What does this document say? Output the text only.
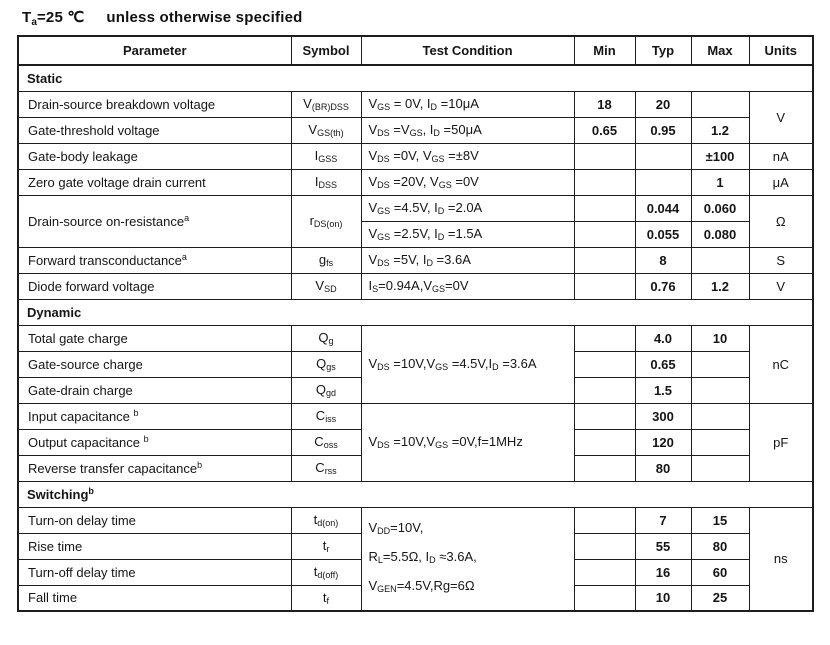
$T_a=25$ ℃ unless otherwise specified
Parameter	Symbol	Test Condition	Min	Typ	Max	Units
Static						
Drain-source breakdown voltage	$V_{(BR)DSS}$	$V_{GS} = 0V$, $I_D =10\mu A$	18	20		V
Gate-threshold voltage	$V_{GS(th)}$	$V_{DS} =V_{GS}$, $I_D =50\mu A$	0.65	0.95	1.2	
Gate-body leakage	$I_{GSS}$	$V_{DS} =0V$, $V_{GS} =\pm 8V$			±100	nA
Zero gate voltage drain current	$I_{DSS}$	$V_{DS} =20V$, $V_{GS} =0V$			1	μA
Drain-source on-resistance$^a$	$r_{DS(on)}$	$V_{GS} =4.5V$, $I_D =2.0A$		0.044	0.060	Ω
		$V_{GS} =2.5V$, $I_D =1.5A$		0.055	0.080	
Forward transconductance$^a$	$g_{fs}$	$V_{DS} =5V$, $I_D =3.6A$		8		S
Diode forward voltage	$V_{SD}$	$I_S=0.94A,V_{GS}=0V$		0.76	1.2	V
Dynamic						
Total gate charge	$Q_g$	$V_{DS} =10V,V_{GS} =4.5V,I_D =3.6A$		4.0	10	nC
Gate-source charge	$Q_{gs}$			0.65		
Gate-drain charge	$Q_{gd}$			1.5		
Input capacitance $^b$	$C_{iss}$	$V_{DS} =10V,V_{GS} =0V,f=1MHz$		300		pF
Output capacitance $^b$	$C_{oss}$			120		
Reverse transfer capacitance$^b$	$C_{rss}$			80		
Switching$^b$
Turn-on delay time	$t_{d(on)}$	$V_{DD}=10V$,
$R_L=5.5\Omega$, $I_D \approx 3.6A$,
$V_{GEN}=4.5V,Rg=6\Omega$		7	15	ns
Rise time	$t_r$			55	80	
Turn-off delay time	$t_{d(off)}$			16	60	
Fall time	$t_f$			10	25	
